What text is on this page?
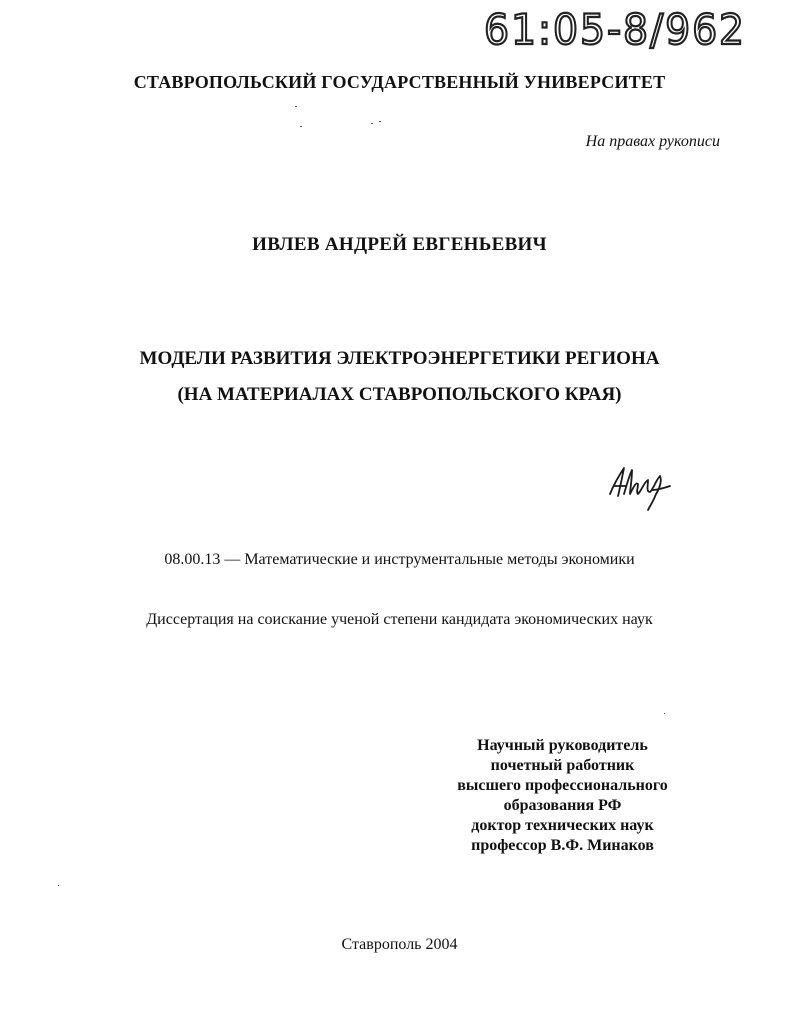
61:05-8/962
СТАВРОПОЛЬСКИЙ ГОСУДАРСТВЕННЫЙ УНИВЕРСИТЕТ
На правах рукописи
ИВЛЕВ АНДРЕЙ ЕВГЕНЬЕВИЧ
МОДЕЛИ РАЗВИТИЯ ЭЛЕКТРОЭНЕРГЕТИКИ РЕГИОНА
(НА МАТЕРИАЛАХ СТАВРОПОЛЬСКОГО КРАЯ)
08.00.13 — Математические и инструментальные методы экономики
Диссертация на соискание ученой степени кандидата экономических наук
Научный руководитель
почетный работник
высшего профессионального
образования РФ
доктор технических наук
профессор В.Ф. Минаков
Ставрополь 2004
